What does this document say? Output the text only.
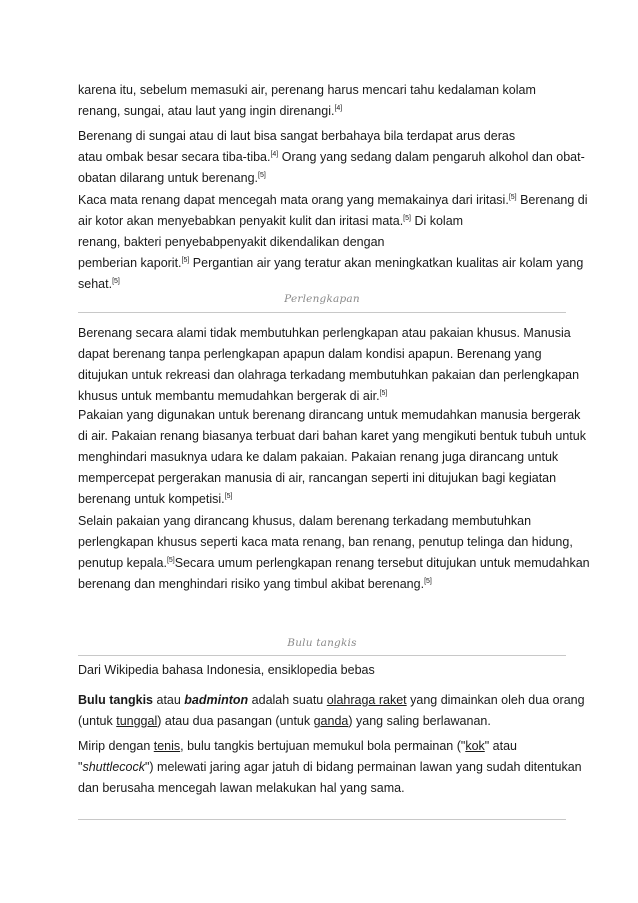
karena itu, sebelum memasuki air, perenang harus mencari tahu kedalaman kolam
renang, sungai, atau laut yang ingin direnangi.[4]
Berenang di sungai atau di laut bisa sangat berbahaya bila terdapat arus deras
atau ombak besar secara tiba-tiba.[4] Orang yang sedang dalam pengaruh alkohol dan obat-
obatan dilarang untuk berenang.[5]
Kaca mata renang dapat mencegah mata orang yang memakainya dari iritasi.[5] Berenang di
air kotor akan menyebabkan penyakit kulit dan iritasi mata.[5] Di kolam
renang, bakteri penyebabpenyakit dikendalikan dengan
pemberian kaporit.[5] Pergantian air yang teratur akan meningkatkan kualitas air kolam yang
sehat.[5]
Perlengkapan
Berenang secara alami tidak membutuhkan perlengkapan atau pakaian khusus. Manusia
dapat berenang tanpa perlengkapan apapun dalam kondisi apapun. Berenang yang
ditujukan untuk rekreasi dan olahraga terkadang membutuhkan pakaian dan perlengkapan
khusus untuk membantu memudahkan bergerak di air.[5]
Pakaian yang digunakan untuk berenang dirancang untuk memudahkan manusia bergerak
di air. Pakaian renang biasanya terbuat dari bahan karet yang mengikuti bentuk tubuh untuk
menghindari masuknya udara ke dalam pakaian. Pakaian renang juga dirancang untuk
mempercepat pergerakan manusia di air, rancangan seperti ini ditujukan bagi kegiatan
berenang untuk kompetisi.[5]
Selain pakaian yang dirancang khusus, dalam berenang terkadang membutuhkan
perlengkapan khusus seperti kaca mata renang, ban renang, penutup telinga dan hidung,
penutup kepala.[5]Secara umum perlengkapan renang tersebut ditujukan untuk memudahkan
berenang dan menghindari risiko yang timbul akibat berenang.[5]
Bulu tangkis
Dari Wikipedia bahasa Indonesia, ensiklopedia bebas
Bulu tangkis atau badminton adalah suatu olahraga raket yang dimainkan oleh dua orang
(untuk tunggal) atau dua pasangan (untuk ganda) yang saling berlawanan.
Mirip dengan tenis, bulu tangkis bertujuan memukul bola permainan ("kok" atau
"shuttlecock") melewati jaring agar jatuh di bidang permainan lawan yang sudah ditentukan
dan berusaha mencegah lawan melakukan hal yang sama.
